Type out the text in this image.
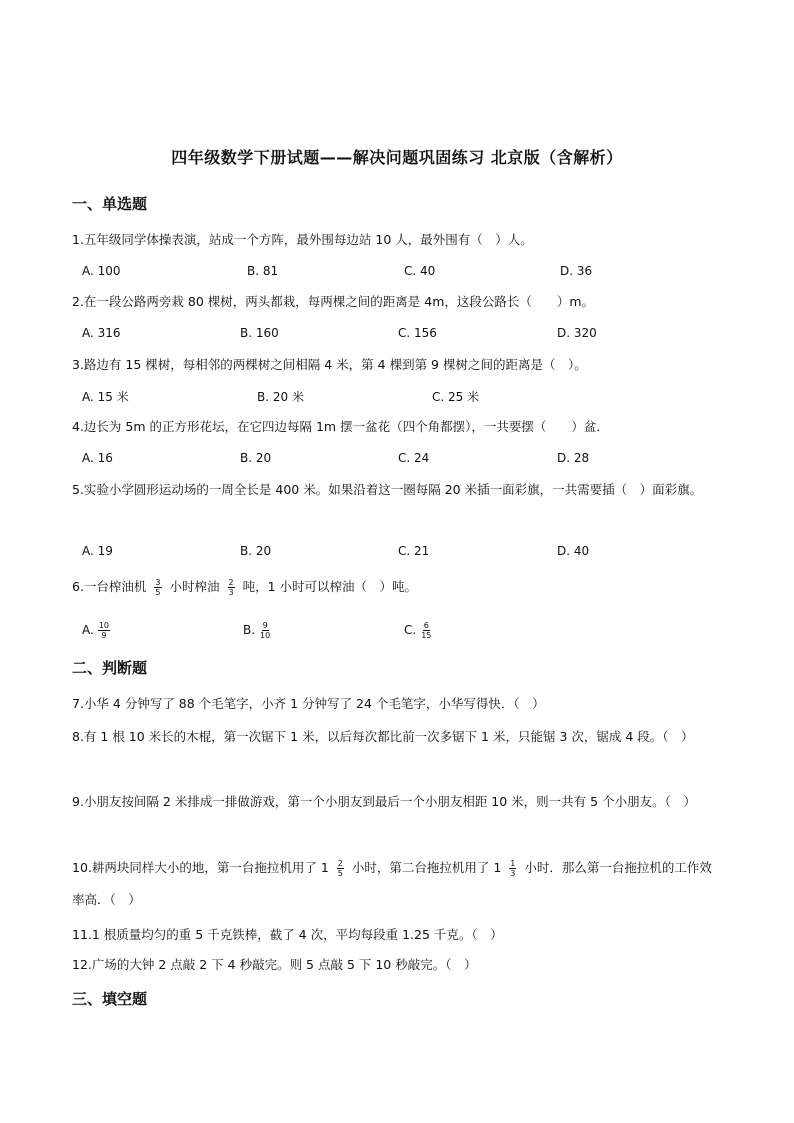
四年级数学下册试题——解决问题巩固练习 北京版（含解析）
一、单选题
1.五年级同学体操表演，站成一个方阵，最外围每边站 10 人，最外围有（　）人。
A. 100	B. 81	C. 40	D. 36
2.在一段公路两旁栽 80 棵树，两头都栽，每两棵之间的距离是 4m，这段公路长（　　）m。
A. 316	B. 160	C. 156	D. 320
3.路边有 15 棵树，每相邻的两棵树之间相隔 4 米，第 4 棵到第 9 棵树之间的距离是（　）。
A. 15 米	B. 20 米	C. 25 米
4.边长为 5m 的正方形花坛，在它四边每隔 1m 摆一盆花（四个角都摆），一共要摆（　　）盆．
A. 16	B. 20	C. 24	D. 28
5.实验小学圆形运动场的一周全长是 400 米。如果沿着这一圈每隔 20 米插一面彩旗，一共需要插（　）面彩旗。
A. 19	B. 20	C. 21	D. 40
6.一台榨油机 $\frac{3}{5}$ 小时榨油 $\frac{2}{3}$ 吨，1 小时可以榨油（　）吨。
A. $\frac{10}{9}$	B. $\frac{9}{10}$	C. $\frac{6}{15}$
二、判断题
7.小华 4 分钟写了 88 个毛笔字，小齐 1 分钟写了 24 个毛笔字，小华写得快．（　）
8.有 1 根 10 米长的木棍，第一次锯下 1 米，以后每次都比前一次多锯下 1 米，只能锯 3 次，锯成 4 段。（　）
9.小朋友按间隔 2 米排成一排做游戏，第一个小朋友到最后一个小朋友相距 10 米，则一共有 5 个小朋友。（　）
10.耕两块同样大小的地，第一台拖拉机用了 $1 \frac{2}{5}$ 小时，第二台拖拉机用了 $1 \frac{1}{3}$ 小时．那么第一台拖拉机的工作效率高．（　）
11.1 根质量均匀的重 5 千克铁棒，截了 4 次，平均每段重 1.25 千克。（　）
12.广场的大钟 2 点敲 2 下 4 秒敲完。则 5 点敲 5 下 10 秒敲完。（　）
三、填空题
